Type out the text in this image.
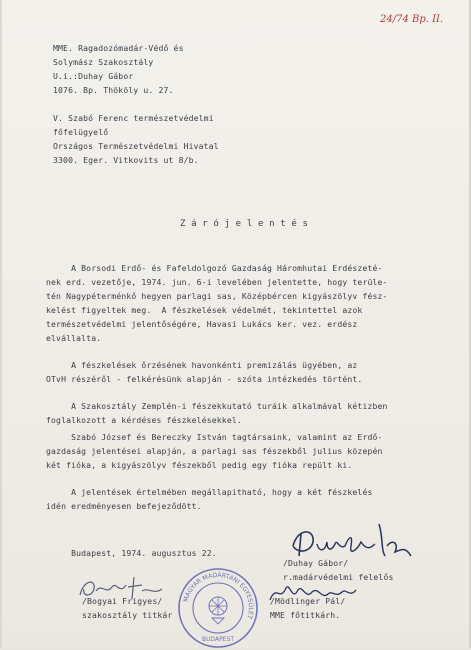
24/74 Bp. II.
MME. Ragadozómadár-Védő és
Solymász Szakosztály
U.i.:Duhay Gábor
1076. Bp. Thököly u. 27.
V. Szabó Ferenc természetvédelmi
főfelügyelő
Országos Természetvédelmi Hivatal
3300. Eger. Vitkovits ut 8/b.
Z á r ó j e l e n t é s
A Borsodi Erdő- és Fafeldolgozó Gazdaság Háromhutai Erdészeté-
nek erd. vezetője, 1974. jun. 6-i levelében jelentette, hogy terüle-
tén Nagypéterménkő hegyen parlagi sas, Középbércen kigyászölyv fész-
kelést figyeltek meg.  A fészkelések védelmét, tekintettel azok
természetvédelmi jelentőségére, Havasi Lukács ker. vez. erdész
elvállalta.
A fészkelések őrzésének havonkénti premizálás ügyében, az
OTvH részéről - felkérésünk alapján - szóta intézkedés történt.
A Szakosztály Zemplén-i fészekkutató turáik alkalmával kétizben
foglalkozott a kérdéses fészkelésekkel.
Szabó József és Bereczky István tagtársaink, valamint az Erdő-
gazdaság jelentései alapján, a parlagi sas fészekből julius közepén
két fióka, a kigyászölyv fészekből pedig egy fióka repült ki.
A jelentések értelmében megállapitható, hogy a két fészkelés
idén eredményesen befejeződött.
Budapest, 1974. augusztus 22.
/Duhay Gábor/
r.madárvédelmi felelős
/Bogyai Frigyes/
szakosztály titkár
/Mödlinger Pál/
MME főtitkárh.
MAGYAR MADÁRTANI EGYESÜLET
BUDAPEST
